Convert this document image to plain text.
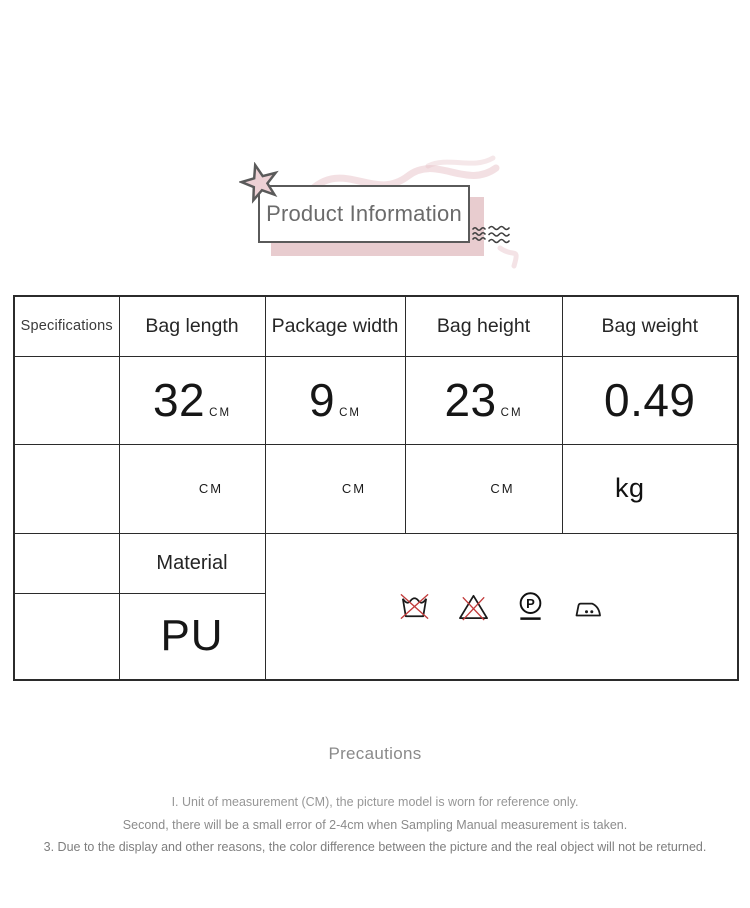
Product Information
Specifications	Bag length	Package width	Bag height	Bag weight
	32 CM	9 CM	23 CM	0.49
	CM	CM	CM	kg
	Material	P		

	PU			
Precautions
I. Unit of measurement (CM), the picture model is worn for reference only.
Second, there will be a small error of 2-4cm when Sampling Manual measurement is taken.
3. Due to the display and other reasons, the color difference between the picture and the real object will not be returned.
